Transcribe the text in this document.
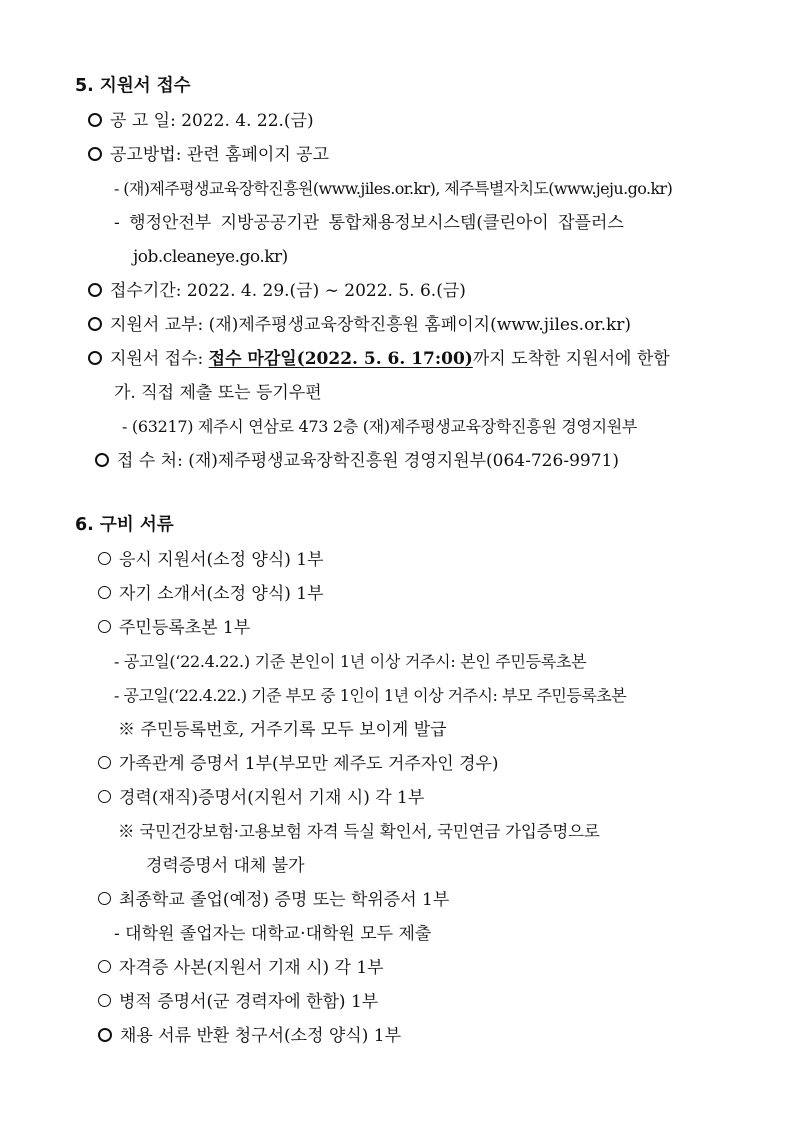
5. 지원서 접수
공 고 일: 2022. 4. 22.(금)
공고방법: 관련 홈페이지 공고
- (재)제주평생교육장학진흥원(www.jiles.or.kr), 제주특별자치도(www.jeju.go.kr)
- 행정안전부 지방공공기관 통합채용정보시스템(클린아이 잡플러스
job.cleaneye.go.kr)
접수기간: 2022. 4. 29.(금) ∼ 2022. 5. 6.(금)
지원서 교부: (재)제주평생교육장학진흥원 홈페이지(www.jiles.or.kr)
지원서 접수: 접수 마감일(2022. 5. 6. 17:00)까지 도착한 지원서에 한함
가. 직접 제출 또는 등기우편
- (63217) 제주시 연삼로 473 2층 (재)제주평생교육장학진흥원 경영지원부
접 수 처: (재)제주평생교육장학진흥원 경영지원부(064-726-9971)
6. 구비 서류
응시 지원서(소정 양식) 1부
자기 소개서(소정 양식) 1부
주민등록초본 1부
- 공고일(‘22.4.22.) 기준 본인이 1년 이상 거주시: 본인 주민등록초본
- 공고일(‘22.4.22.) 기준 부모 중 1인이 1년 이상 거주시: 부모 주민등록초본
※ 주민등록번호, 거주기록 모두 보이게 발급
가족관계 증명서 1부(부모만 제주도 거주자인 경우)
경력(재직)증명서(지원서 기재 시) 각 1부
※ 국민건강보험·고용보험 자격 득실 확인서, 국민연금 가입증명으로
경력증명서 대체 불가
최종학교 졸업(예정) 증명 또는 학위증서 1부
- 대학원 졸업자는 대학교·대학원 모두 제출
자격증 사본(지원서 기재 시) 각 1부
병적 증명서(군 경력자에 한함) 1부
채용 서류 반환 청구서(소정 양식) 1부
